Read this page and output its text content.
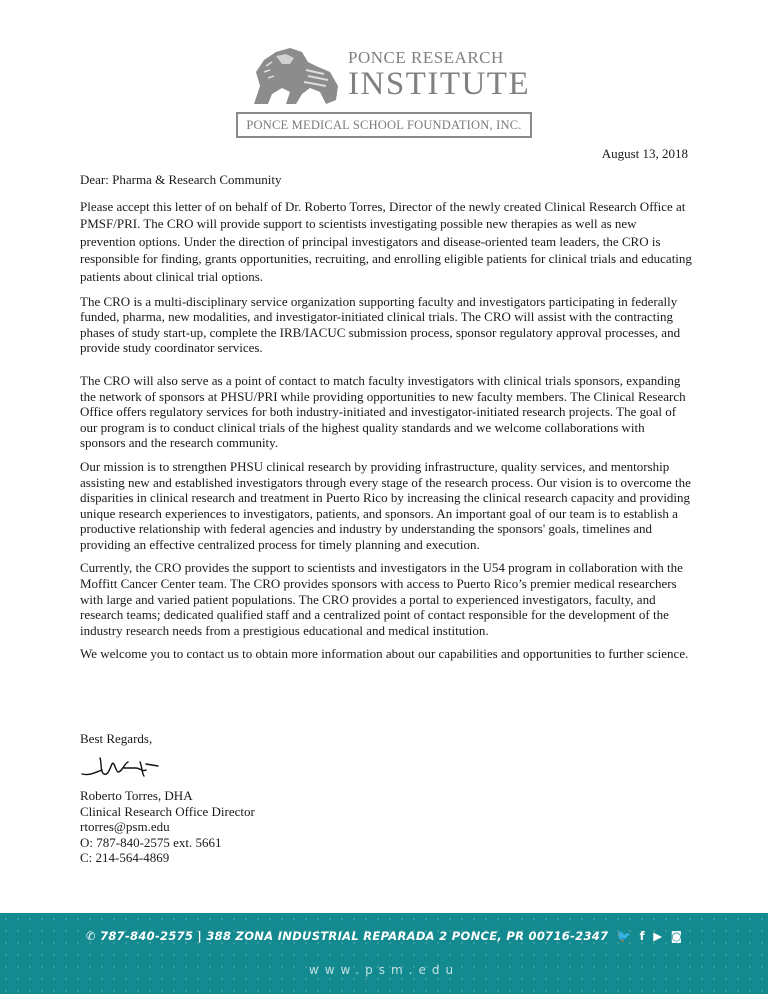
PONCE RESEARCH
INSTITUTE
PONCE MEDICAL SCHOOL FOUNDATION, INC.
August 13, 2018

Dear: Pharma & Research Community

Please accept this letter of on behalf of Dr. Roberto Torres, Director of the newly created Clinical Research Office at PMSF/PRI. The CRO will provide support to scientists investigating possible new therapies as well as new prevention options. Under the direction of principal investigators and disease-oriented team leaders, the CRO is responsible for finding, grants opportunities, recruiting, and enrolling eligible patients for clinical trials and educating patients about clinical trial options.

The CRO is a multi-disciplinary service organization supporting faculty and investigators participating in federally funded, pharma, new modalities, and investigator-initiated clinical trials. The CRO will assist with the contracting phases of study start-up, complete the IRB/IACUC submission process, sponsor regulatory approval processes, and provide study coordinator services.

The CRO will also serve as a point of contact to match faculty investigators with clinical trials sponsors, expanding the network of sponsors at PHSU/PRI while providing opportunities to new faculty members. The Clinical Research Office offers regulatory services for both industry-initiated and investigator-initiated research projects. The goal of our program is to conduct clinical trials of the highest quality standards and we welcome collaborations with sponsors and the research community.

Our mission is to strengthen PHSU clinical research by providing infrastructure, quality services, and mentorship assisting new and established investigators through every stage of the research process. Our vision is to overcome the disparities in clinical research and treatment in Puerto Rico by increasing the clinical research capacity and providing unique research experiences to investigators, patients, and sponsors. An important goal of our team is to establish a productive relationship with federal agencies and industry by understanding the sponsors' goals, timelines and providing an effective centralized process for timely planning and execution.

Currently, the CRO provides the support to scientists and investigators in the U54 program in collaboration with the Moffitt Cancer Center team. The CRO provides sponsors with access to Puerto Rico’s premier medical researchers with large and varied patient populations. The CRO provides a portal to experienced investigators, faculty, and research teams; dedicated qualified staff and a centralized point of contact responsible for the development of the industry research needs from a prestigious educational and medical institution.

We welcome you to contact us to obtain more information about our capabilities and opportunities to further science.

Best Regards,
Roberto Torres, DHA
Clinical Research Office Director
rtorres@psm.edu
O: 787-840-2575 ext. 5661
C: 214-564-4869
✆ 787-840-2575 | 388 ZONA INDUSTRIAL REPARADA 2 PONCE, PR 00716-2347 🐦 f ▶ ◙
www.psm.edu
